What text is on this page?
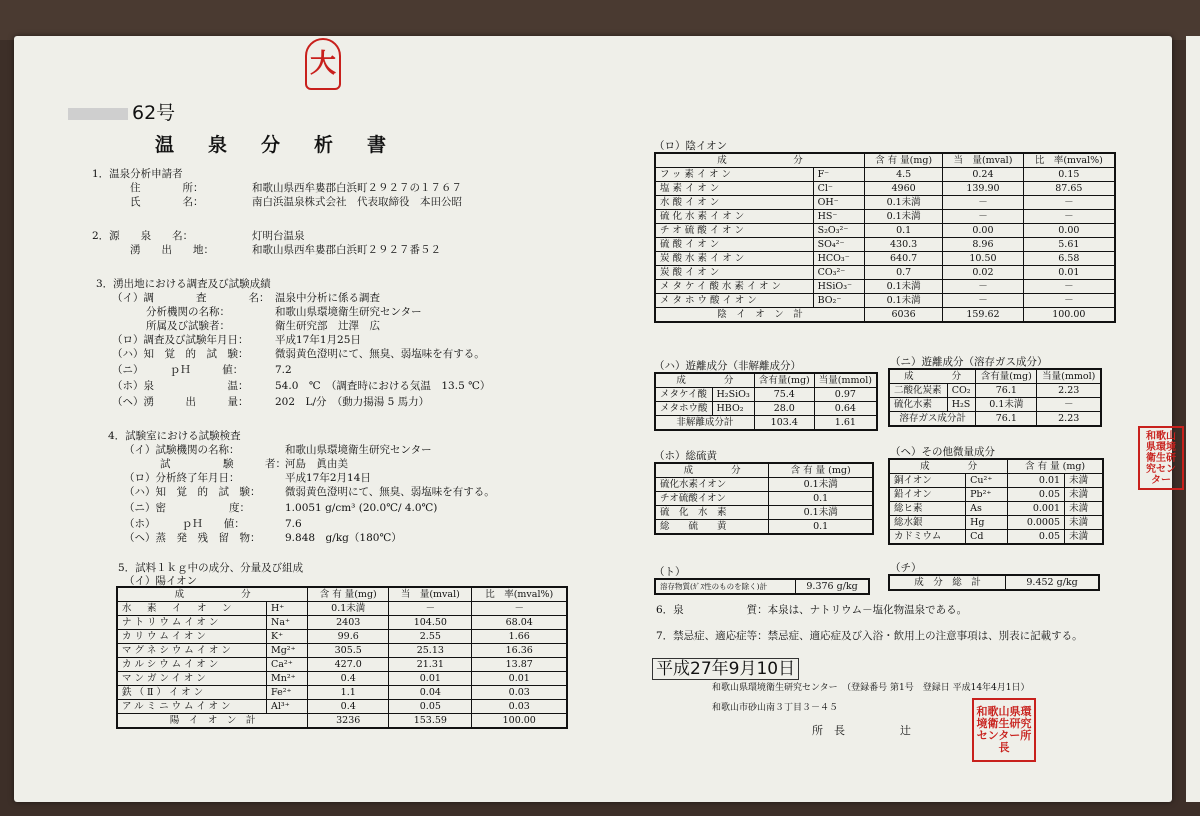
大
62号
温泉分析書
1．温泉分析申請者
住　　　　所：	和歌山県西牟婁郡白浜町２９２７の１７６７
氏　　　　名：	南白浜温泉株式会社　代表取締役　本田公昭
2．源　　泉　　名：	灯明台温泉
湧　　出　　地：	和歌山県西牟婁郡白浜町２９２７番５２
3．湧出地における調査及び試験成績
（イ）調　　　　査　　　　名： 温泉中分析に係る調査
分析機関の名称：	和歌山県環境衛生研究センター
所属及び試験者：	衛生研究部　辻澤　広
（ロ）調査及び試験年月日：	平成17年1月25日
（ハ）知　覚　的　試　験：	微弱黄色澄明にて、無臭、弱塩味を有する。
（ニ）　　　ｐＨ　　　値：	7.2
（ホ）泉　　　　　　　温：	54.0　℃　（調査時における気温　13.5 ℃）
（ヘ）湧　　　出　　　量：	202　L/分　（動力揚湯 5 馬力）
4．試験室における試験検査
（イ）試験機関の名称：	和歌山県環境衛生研究センター
試　　　　　験　　　者： 河島　眞由美
（ロ）分析終了年月日：	平成17年2月14日
（ハ）知　覚　的　試　験： 微弱黄色澄明にて、無臭、弱塩味を有する。
（ニ）密　　　　　　度：	1.0051 g/cm³ (20.0℃/ 4.0℃)
（ホ）　　　ｐＨ　　値：	7.6
（ヘ）蒸　発　残　留　物： 9.848　g/kg（180℃）
5．試料１ｋｇ中の成分、分量及び組成
（イ）陽イオン
成　　　　　　分		含 有 量(mg)	当　量(mval)	比　率(mval%)
水　素　イ　オ　ン	H⁺	0.1未満	－	－
ナトリウムイオン	Na⁺	2403	104.50	68.04
カリウムイオン	K⁺	99.6	2.55	1.66
マグネシウムイオン	Mg²⁺	305.5	25.13	16.36
カルシウムイオン	Ca²⁺	427.0	21.31	13.87
マンガンイオン	Mn²⁺	0.4	0.01	0.01
鉄（Ⅱ）イオン	Fe²⁺	1.1	0.04	0.03
アルミニウムイオン	Al³⁺	0.4	0.05	0.03
陽　イ　オ　ン　計		3236	153.59	100.00
（ロ）陰イオン
成　　　　　　　分		含 有 量(mg)	当　量(mval)	比　率(mval%)
フッ素イオン	F⁻	4.5	0.24	0.15
塩素イオン	Cl⁻	4960	139.90	87.65
水酸イオン	OH⁻	0.1未満	－	－
硫化水素イオン	HS⁻	0.1未満	－	－
チオ硫酸イオン	S₂O₃²⁻	0.1	0.00	0.00
硫酸イオン	SO₄²⁻	430.3	8.96	5.61
炭酸水素イオン	HCO₃⁻	640.7	10.50	6.58
炭酸イオン	CO₃²⁻	0.7	0.02	0.01
メタケイ酸水素イオン	HSiO₃⁻	0.1未満	－	－
メタホウ酸イオン	BO₂⁻	0.1未満	－	－
陰　イ　オ　ン　計		6036	159.62	100.00
（ハ）遊離成分（非解離成分）
成　　　　分		含有量(mg)	当量(mmol)
メタケイ酸	H₂SiO₃	75.4	0.97
メタホウ酸	HBO₂	28.0	0.64
非解離成分計		103.4	1.61
（ニ）遊離成分（溶存ガス成分）
成　　　　分		含有量(mg)	当量(mmol)
二酸化炭素	CO₂	76.1	2.23
硫化水素	H₂S	0.1未満	－
溶存ガス成分計		76.1	2.23
（ホ）総硫黄
成　　　　分	含 有 量 (mg)
硫化水素イオン	0.1未満
チオ硫酸イオン	0.1
硫　化　水　素	0.1未満
総　　硫　　黄	0.1
（ヘ）その他微量成分
成　　　　分		含 有 量 (mg)	
銅イオン	Cu²⁺	0.01	未満
鉛イオン	Pb²⁺	0.05	未満
総ヒ素	As	0.001	未満
総水銀	Hg	0.0005	未満
カドミウム	Cd	0.05	未満
（ト）
溶存物質(ｶﾞｽ性のものを除く)計	9.376 g/kg
（チ）
成　分　総　計	9.452 g/kg
6．泉　　　　　　質：本泉は、ナトリウム－塩化物温泉である。
7．禁忌症、適応症等：禁忌症、適応症及び入浴・飲用上の注意事項は、別表に記載する。
平成27年9月10日
和歌山県環境衛生研究センター　（登録番号 第1号　登録日 平成14年4月1日）
和歌山市砂山南３丁目３－４５
所　長　　　　　辻
和歌山県環境衛生研究センター所長
和歌山県環境衛生研究センター
